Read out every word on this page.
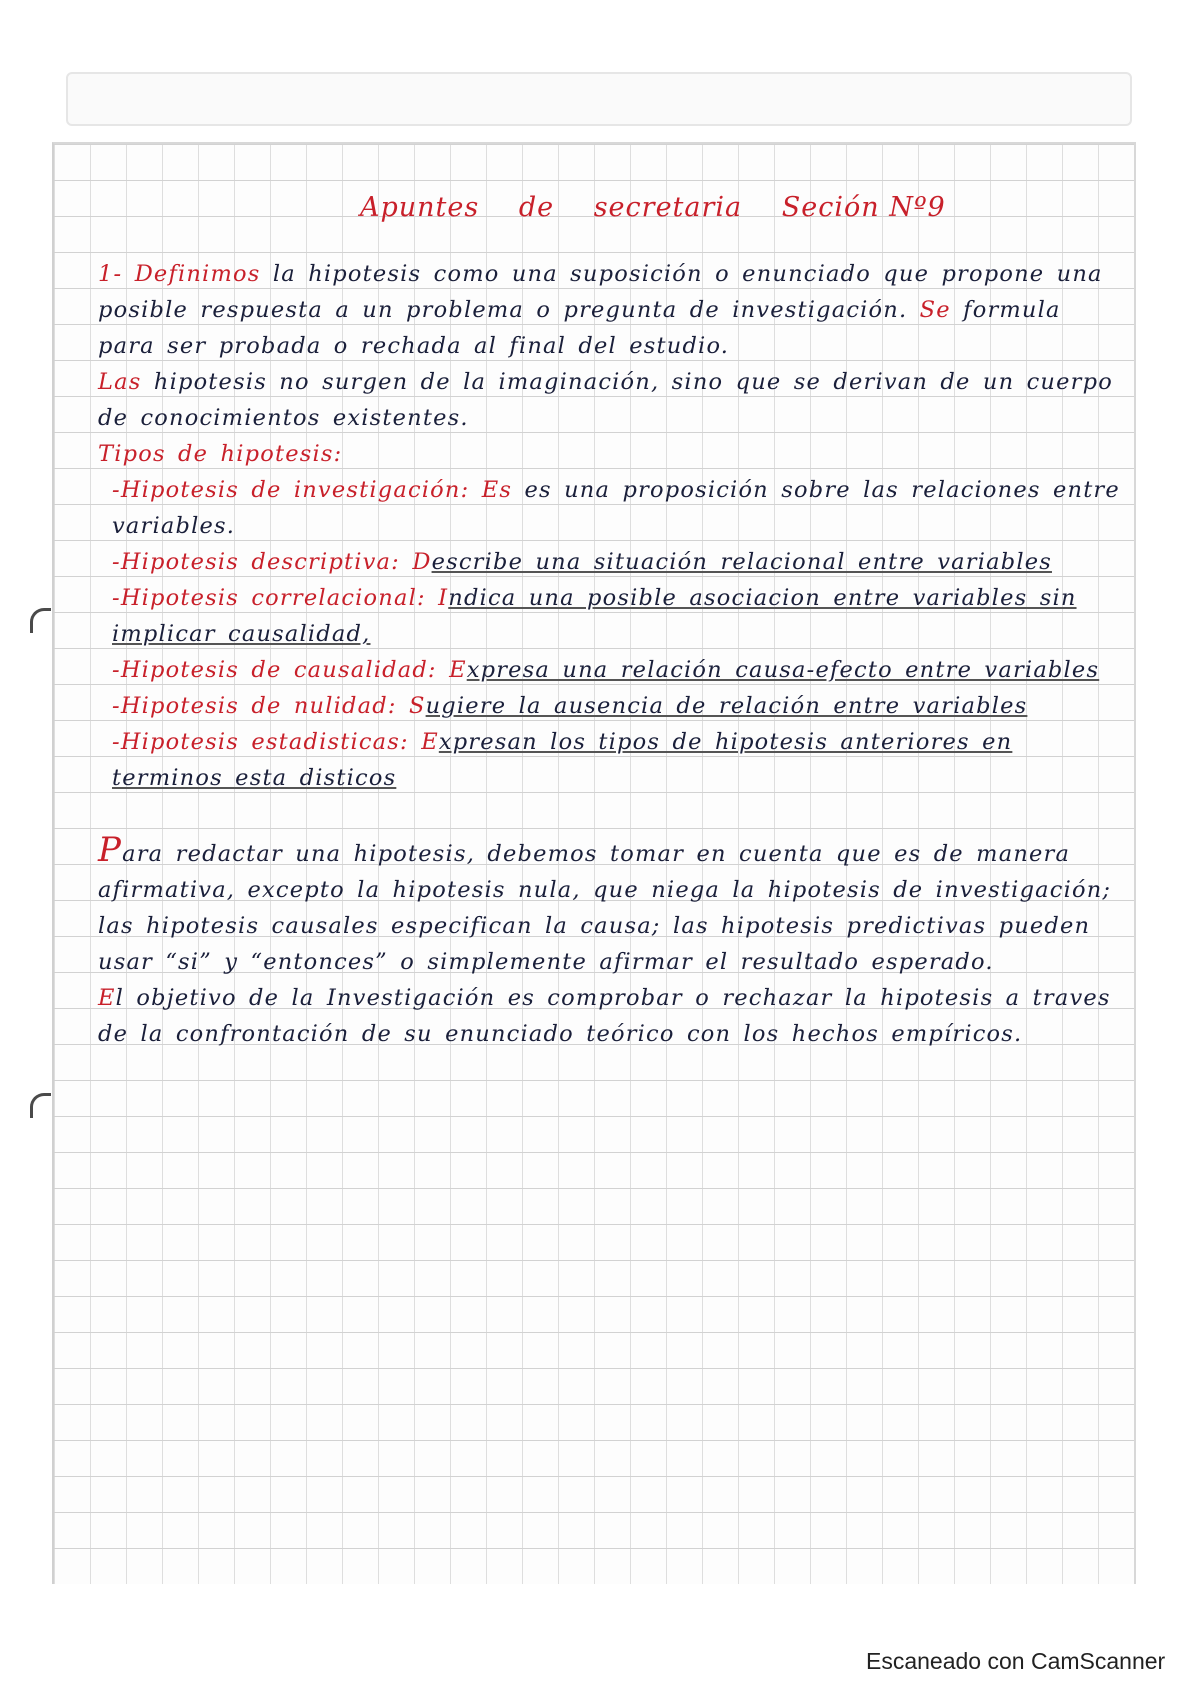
Apuntes de secretaria Seción Nº9

1- Definimos la hipotesis como una suposición o enunciado que propone una posible respuesta a un problema o pregunta de investigación. Se formula para ser probada o rechada al final del estudio.

Las hipotesis no surgen de la imaginación, sino que se derivan de un cuerpo de conocimientos existentes.

Tipos de hipotesis:

-Hipotesis de investigación: Es es una proposición sobre las relaciones entre variables.

-Hipotesis descriptiva: Describe una situación relacional entre variables

-Hipotesis correlacional: Indica una posible asociacion entre variables sin implicar causalidad,

-Hipotesis de causalidad: Expresa una relación causa-efecto entre variables

-Hipotesis de nulidad: Sugiere la ausencia de relación entre variables

-Hipotesis estadisticas: Expresan los tipos de hipotesis anteriores en terminos esta disticos

Para redactar una hipotesis, debemos tomar en cuenta que es de manera afirmativa, excepto la hipotesis nula, que niega la hipotesis de investigación; las hipotesis causales especifican la causa; las hipotesis predictivas pueden usar “si” y “entonces” o simplemente afirmar el resultado esperado.

El objetivo de la Investigación es comprobar o rechazar la hipotesis a traves de la confrontación de su enunciado teórico con los hechos empíricos.

Escaneado con CamScanner
